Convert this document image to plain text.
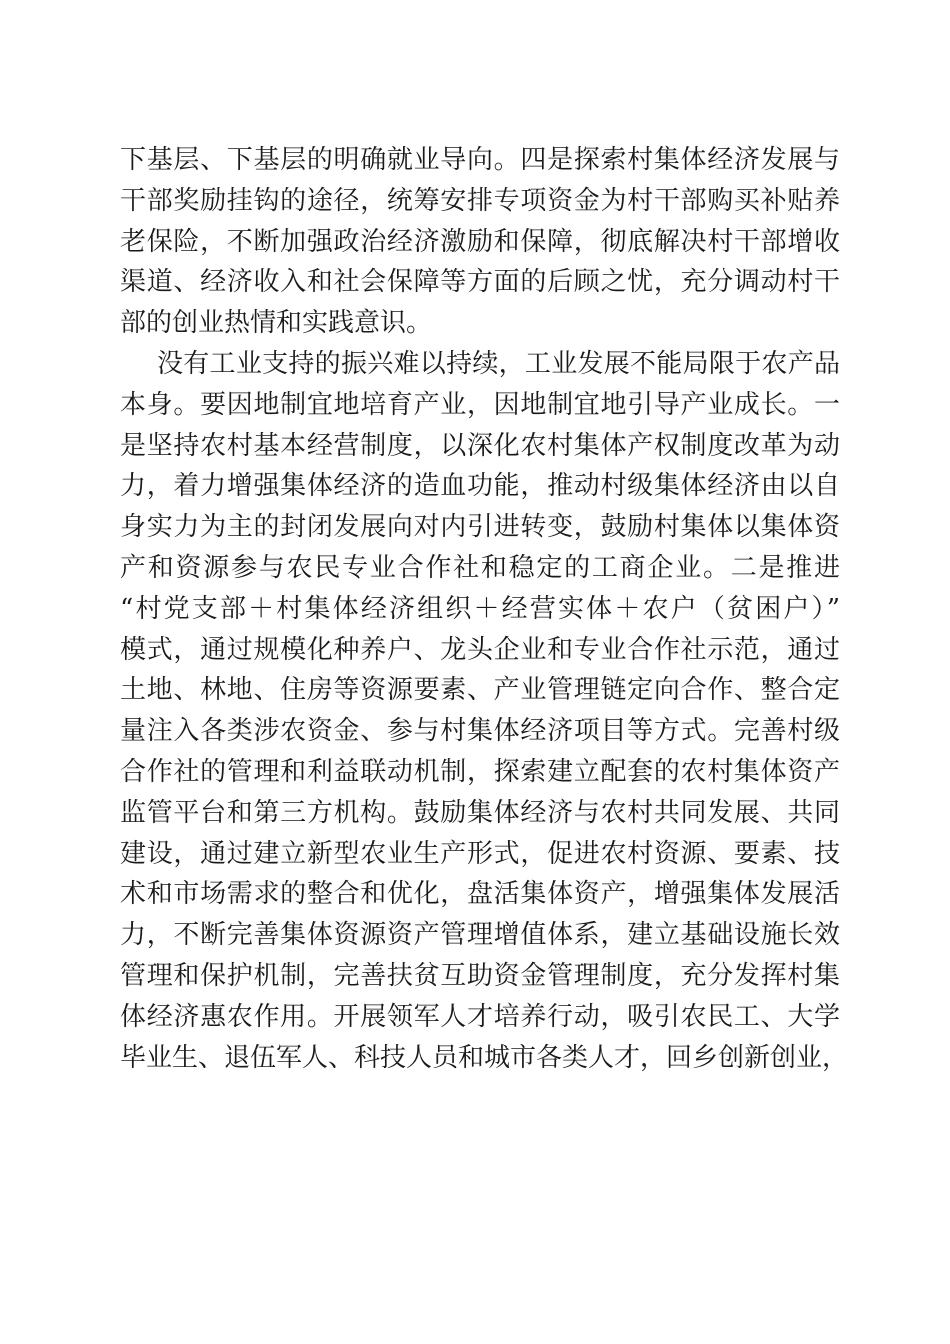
下基层、下基层的明确就业导向。四是探索村集体经济发展与
干部奖励挂钩的途径，统筹安排专项资金为村干部购买补贴养
老保险，不断加强政治经济激励和保障，彻底解决村干部增收
渠道、经济收入和社会保障等方面的后顾之忧，充分调动村干
部的创业热情和实践意识。
没有工业支持的振兴难以持续，工业发展不能局限于农产品
本身。要因地制宜地培育产业，因地制宜地引导产业成长。一
是坚持农村基本经营制度，以深化农村集体产权制度改革为动
力，着力增强集体经济的造血功能，推动村级集体经济由以自
身实力为主的封闭发展向对内引进转变，鼓励村集体以集体资
产和资源参与农民专业合作社和稳定的工商企业。二是推进
“村党支部＋村集体经济组织＋经营实体＋农户（贫困户）”
模式，通过规模化种养户、龙头企业和专业合作社示范，通过
土地、林地、住房等资源要素、产业管理链定向合作、整合定
量注入各类涉农资金、参与村集体经济项目等方式。完善村级
合作社的管理和利益联动机制，探索建立配套的农村集体资产
监管平台和第三方机构。鼓励集体经济与农村共同发展、共同
建设，通过建立新型农业生产形式，促进农村资源、要素、技
术和市场需求的整合和优化，盘活集体资产，增强集体发展活
力，不断完善集体资源资产管理增值体系，建立基础设施长效
管理和保护机制，完善扶贫互助资金管理制度，充分发挥村集
体经济惠农作用。开展领军人才培养行动，吸引农民工、大学
毕业生、退伍军人、科技人员和城市各类人才，回乡创新创业，
